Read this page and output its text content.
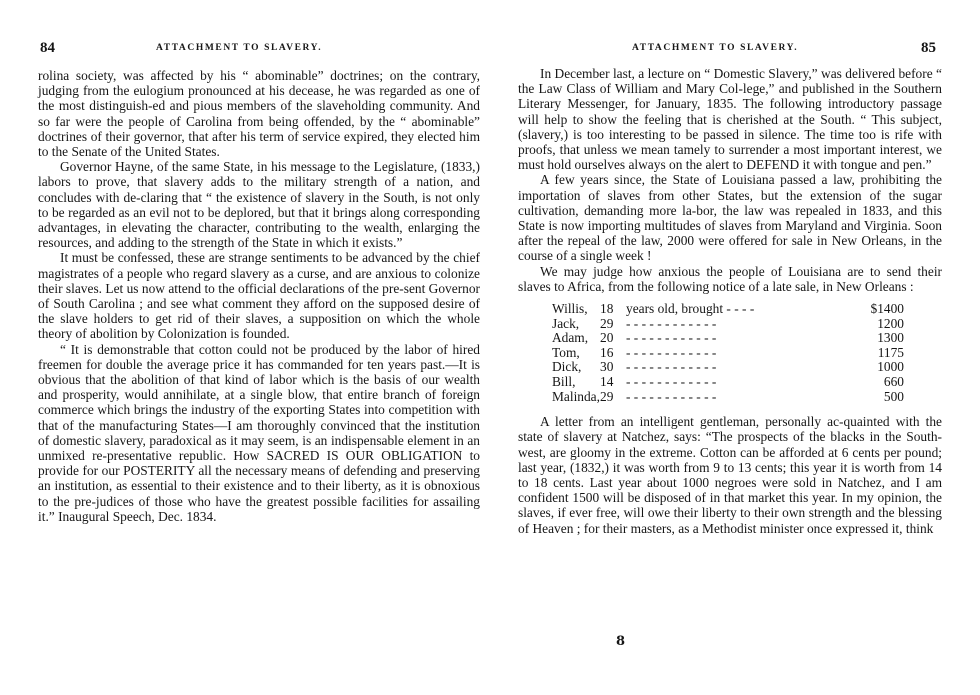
84	ATTACHMENT TO SLAVERY.

rolina society, was affected by his “ abominable” doctrines; on the contrary, judging from the eulogium pronounced at his decease, he was regarded as one of the most distinguish-ed and pious members of the slaveholding community. And so far were the people of Carolina from being offended, by the “ abominable” doctrines of their governor, that after his term of service expired, they elected him to the Senate of the United States.

Governor Hayne, of the same State, in his message to the Legislature, (1833,) labors to prove, that slavery adds to the military strength of a nation, and concludes with de-claring that “ the existence of slavery in the South, is not only to be regarded as an evil not to be deplored, but that it brings along corresponding advantages, in elevating the character, contributing to the wealth, enlarging the resources, and adding to the strength of the State in which it exists.”

It must be confessed, these are strange sentiments to be advanced by the chief magistrates of a people who regard slavery as a curse, and are anxious to colonize their slaves. Let us now attend to the official declarations of the pre-sent Governor of South Carolina ; and see what comment they afford on the supposed desire of the slave holders to get rid of their slaves, a supposition on which the whole theory of abolition by Colonization is founded.

“ It is demonstrable that cotton could not be produced by the labor of hired freemen for double the average price it has commanded for ten years past.—It is obvious that the abolition of that kind of labor which is the basis of our wealth and prosperity, would annihilate, at a single blow, that entire branch of foreign commerce which brings the industry of the exporting States into competition with that of the manufacturing States—I am thoroughly convinced that the institution of domestic slavery, paradoxical as it may seem, is an indispensable element in an unmixed re-presentative republic. How SACRED IS OUR OBLIGATION to provide for our POSTERITY all the necessary means of defending and preserving an institution, as essential to their existence and to their liberty, as it is obnoxious to the pre-judices of those who have the greatest possible facilities for assailing it.” Inaugural Speech, Dec. 1834.

ATTACHMENT TO SLAVERY.	85

In December last, a lecture on “ Domestic Slavery,” was delivered before “ the Law Class of William and Mary Col-lege,” and published in the Southern Literary Messenger, for January, 1835. The following introductory passage will help to show the feeling that is cherished at the South. “ This subject, (slavery,) is too interesting to be passed in silence. The time too is rife with proofs, that unless we mean tamely to surrender a most important interest, we must hold ourselves always on the alert to DEFEND it with tongue and pen.”

A few years since, the State of Louisiana passed a law, prohibiting the importation of slaves from other States, but the extension of the sugar cultivation, demanding more la-bor, the law was repealed in 1833, and this State is now importing multitudes of slaves from Maryland and Virginia. Soon after the repeal of the law, 2000 were offered for sale in New Orleans, in the course of a single week !

We may judge how anxious the people of Louisiana are to send their slaves to Africa, from the following notice of a late sale, in New Orleans :

Willis, 18 years old, brought - - - -	$1400
Jack,	29 - - - - - - - - - - - -	1200
Adam, 20 - - - - - - - - - - - -	1300
Tom,	16 - - - - - - - - - - - -	1175
Dick,	30 - - - - - - - - - - - -	1000
Bill,	14 - - - - - - - - - - - -	660
Malinda, 29 - - - - - - - - - - - -	500

A letter from an intelligent gentleman, personally ac-quainted with the state of slavery at Natchez, says: “The prospects of the blacks in the South-west, are gloomy in the extreme. Cotton can be afforded at 6 cents per pound; last year, (1832,) it was worth from 9 to 13 cents; this year it is worth from 14 to 18 cents. Last year about 1000 negroes were sold in Natchez, and I am confident 1500 will be disposed of in that market this year. In my opinion, the slaves, if ever free, will owe their liberty to their own strength and the blessing of Heaven ; for their masters, as a Methodist minister once expressed it, think

8
